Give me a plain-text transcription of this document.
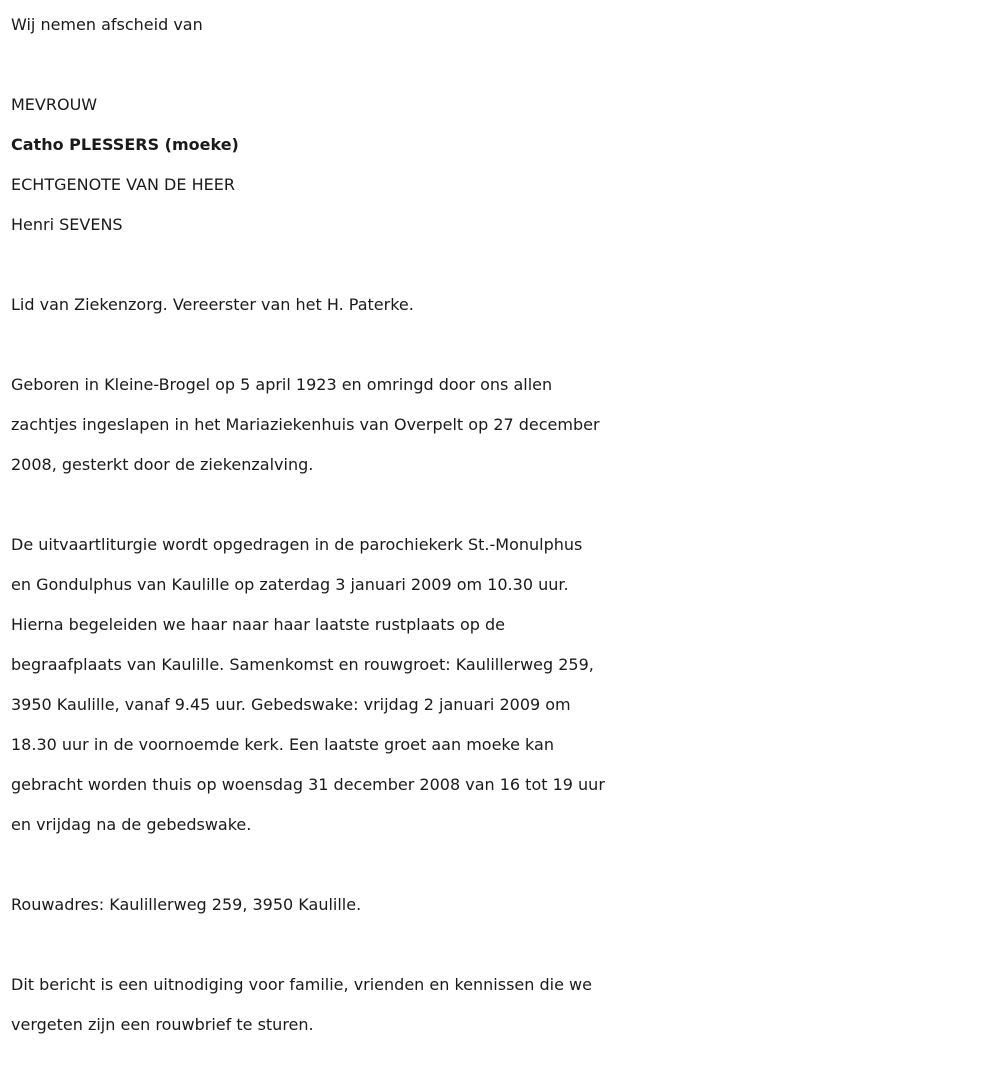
Wij nemen afscheid van

MEVROUW

Catho PLESSERS (moeke)

ECHTGENOTE VAN DE HEER

Henri SEVENS

Lid van Ziekenzorg. Vereerster van het H. Paterke.

Geboren in Kleine-Brogel op 5 april 1923 en omringd door ons allen

zachtjes ingeslapen in het Mariaziekenhuis van Overpelt op 27 december

2008, gesterkt door de ziekenzalving.

De uitvaartliturgie wordt opgedragen in de parochiekerk St.-Monulphus

en Gondulphus van Kaulille op zaterdag 3 januari 2009 om 10.30 uur.

Hierna begeleiden we haar naar haar laatste rustplaats op de

begraafplaats van Kaulille. Samenkomst en rouwgroet: Kaulillerweg 259,

3950 Kaulille, vanaf 9.45 uur. Gebedswake: vrijdag 2 januari 2009 om

18.30 uur in de voornoemde kerk. Een laatste groet aan moeke kan

gebracht worden thuis op woensdag 31 december 2008 van 16 tot 19 uur

en vrijdag na de gebedswake.

Rouwadres: Kaulillerweg 259, 3950 Kaulille.

Dit bericht is een uitnodiging voor familie, vrienden en kennissen die we

vergeten zijn een rouwbrief te sturen.
